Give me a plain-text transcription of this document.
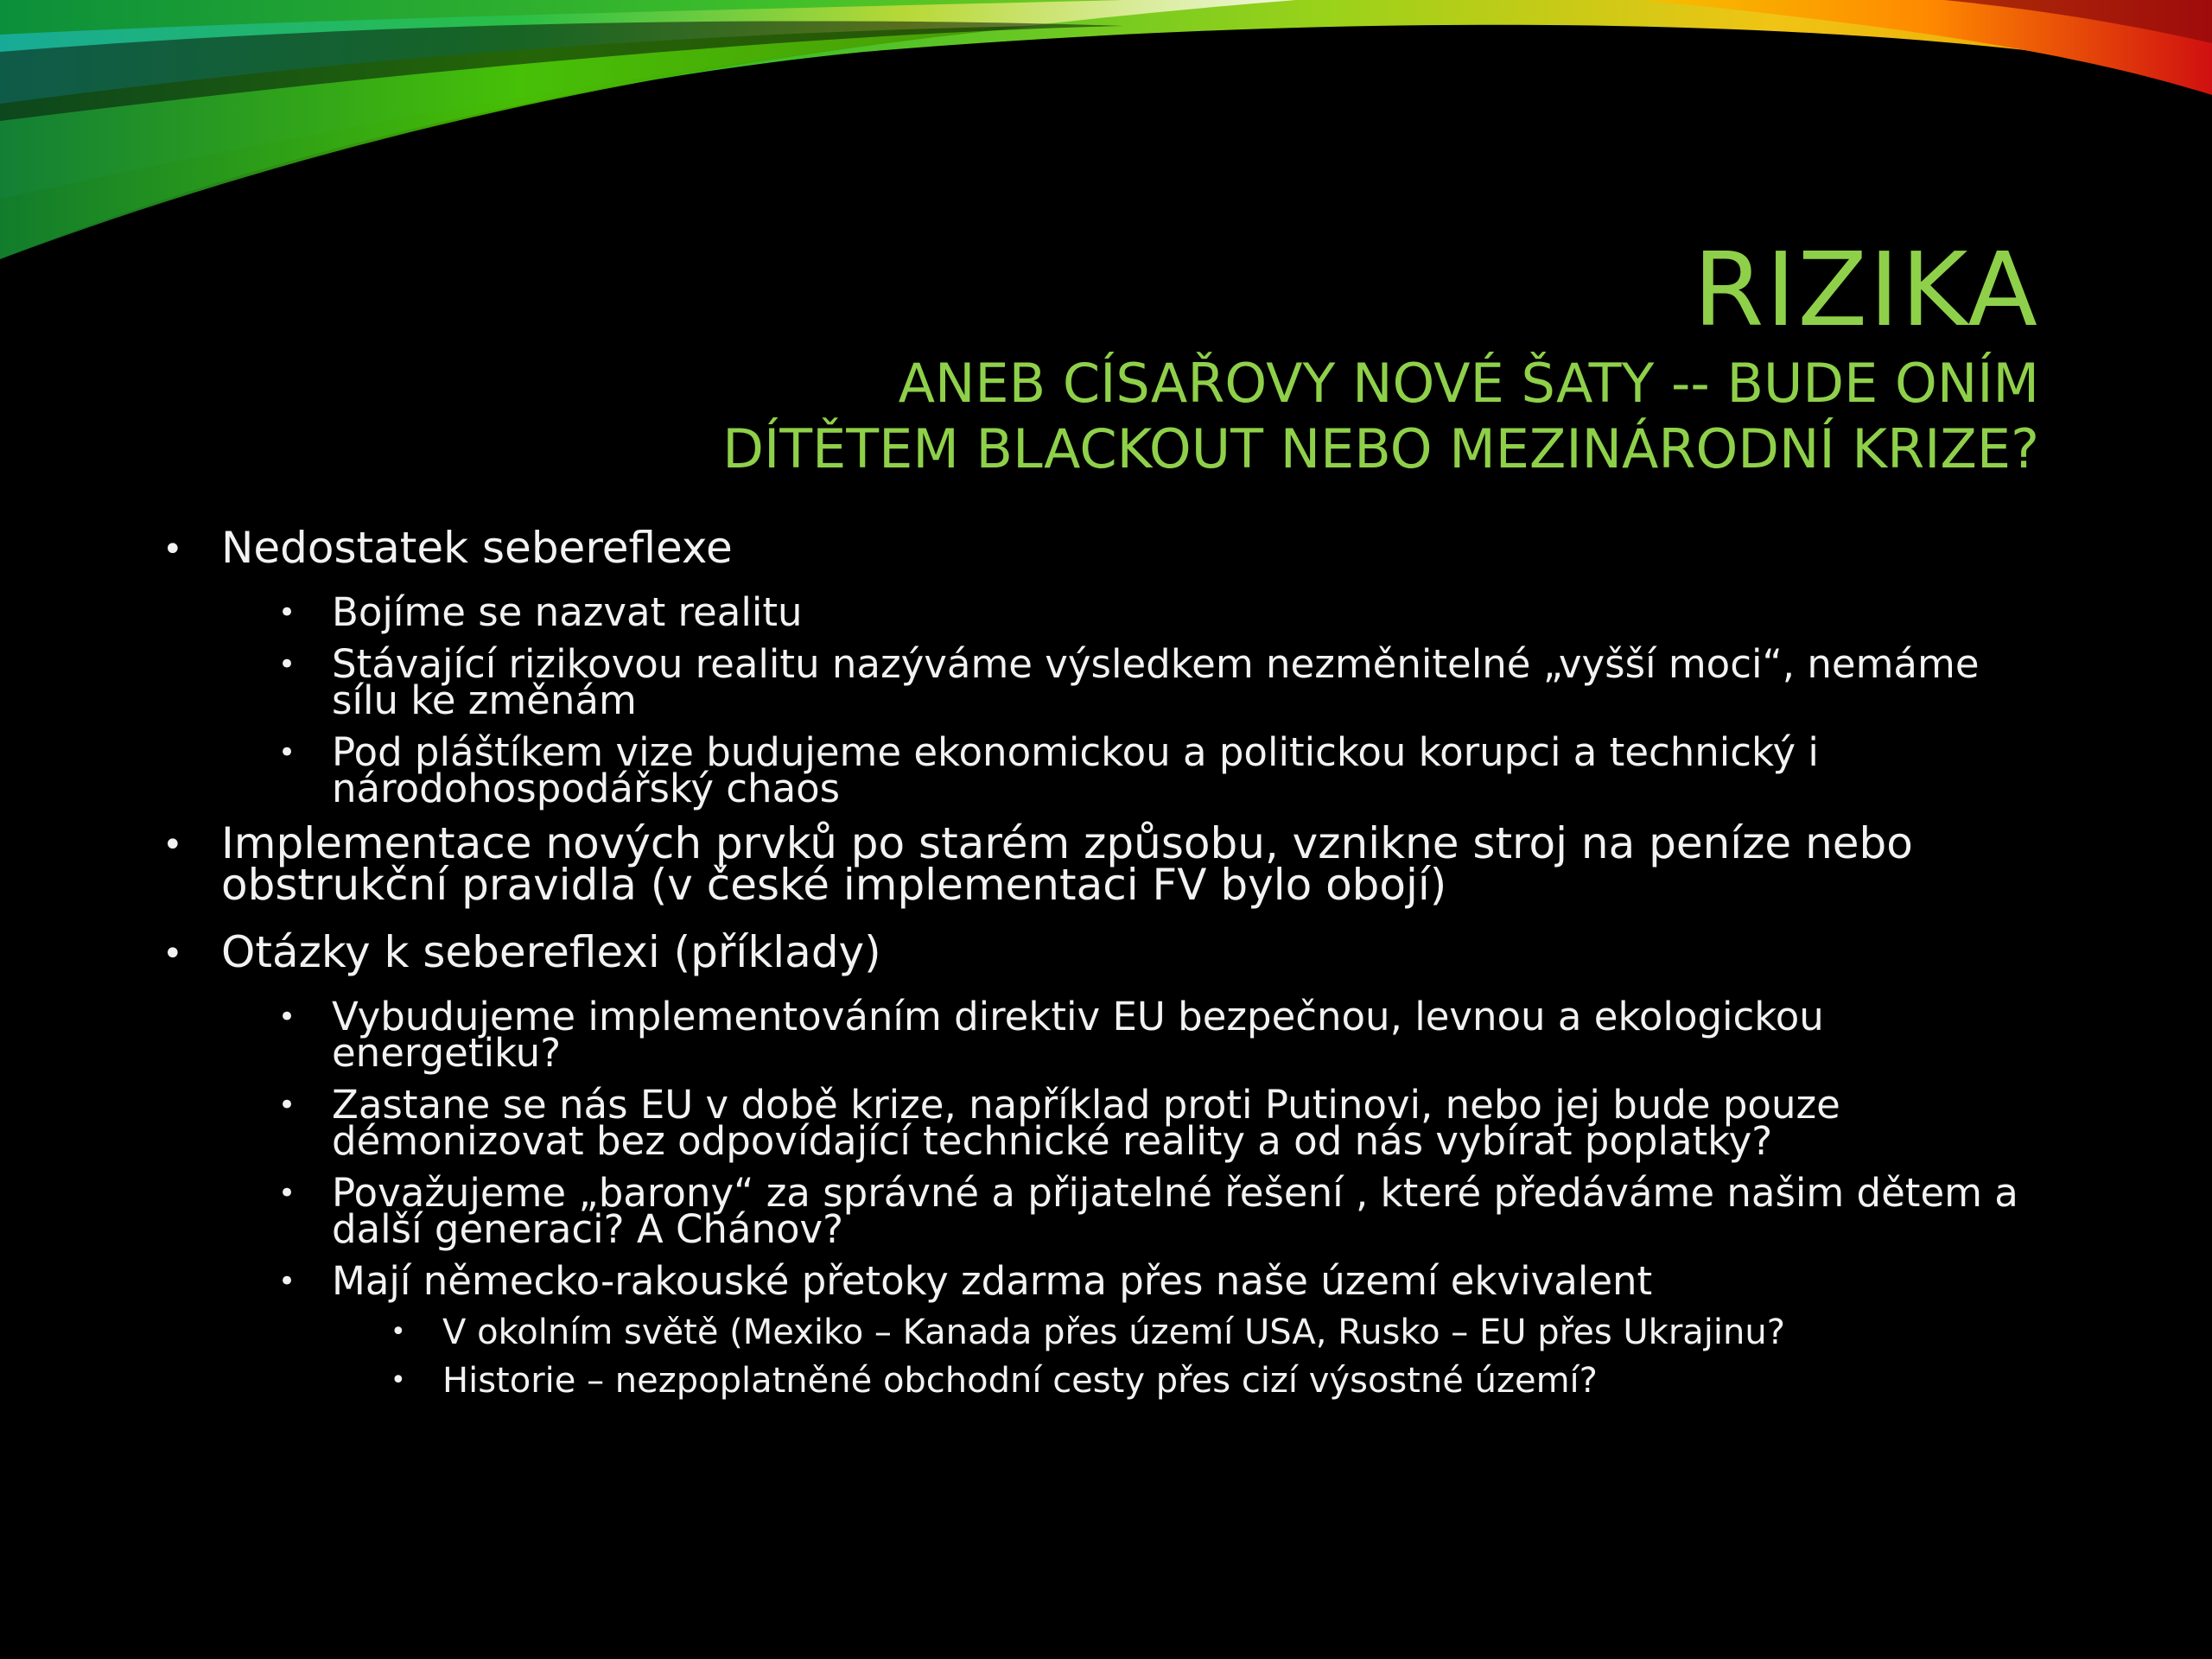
RIZIKA
ANEB CÍSAŘOVY NOVÉ ŠATY -- BUDE ONÍM
DÍTĚTEM BLACKOUT NEBO MEZINÁRODNÍ KRIZE?
• Nedostatek sebereflexe
• Bojíme se nazvat realitu
• Stávající rizikovou realitu nazýváme výsledkem nezměnitelné „vyšší moci“, nemáme sílu ke změnám
• Pod pláštíkem vize budujeme ekonomickou a politickou korupci a technický i národohospodářský chaos
• Implementace nových prvků po starém způsobu, vznikne stroj na peníze nebo obstrukční pravidla (v české implementaci FV bylo obojí)
• Otázky k sebereflexi (příklady)
• Vybudujeme implementováním direktiv EU bezpečnou, levnou a ekologickou energetiku?
• Zastane se nás EU v době krize, například proti Putinovi, nebo jej bude pouze démonizovat bez odpovídající technické reality a od nás vybírat poplatky?
• Považujeme „barony“ za správné a přijatelné řešení , které předáváme našim dětem a další generaci? A Chánov?
• Mají německo-rakouské přetoky zdarma přes naše území ekvivalent
• V okolním světě (Mexiko – Kanada přes území USA, Rusko – EU přes Ukrajinu?
• Historie – nezpoplatněné obchodní cesty přes cizí výsostné území?
